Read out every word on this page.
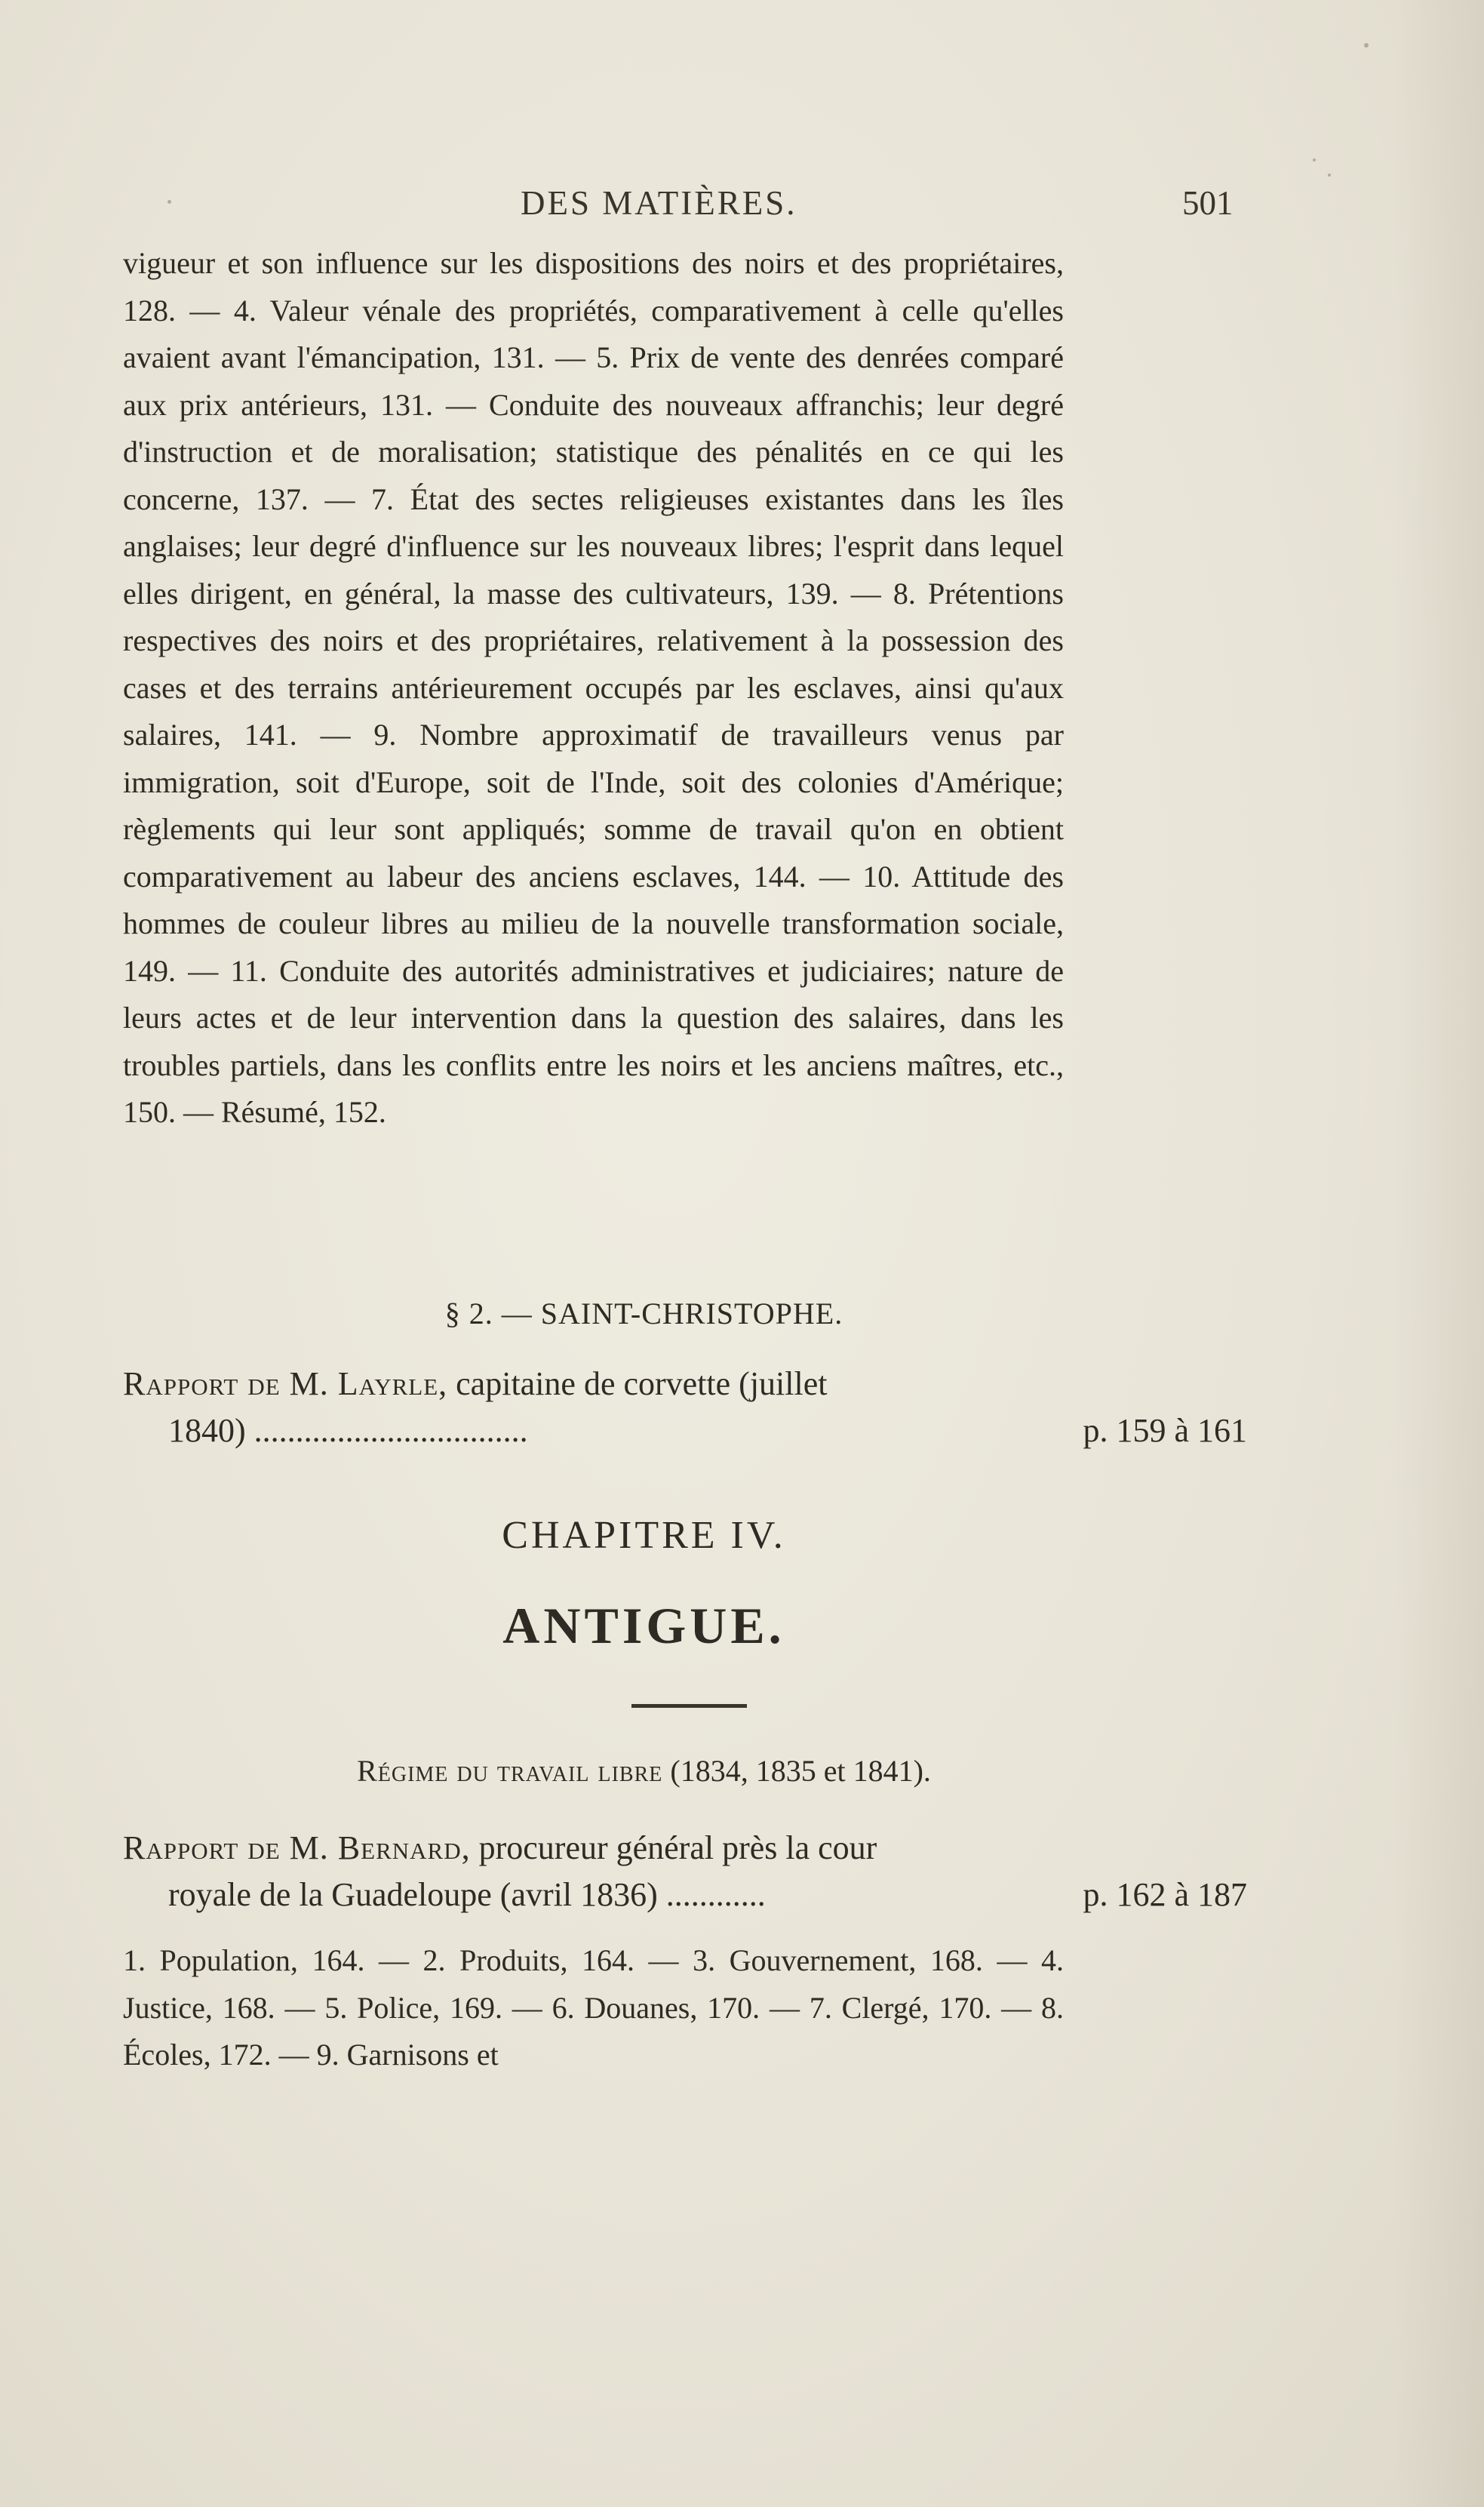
DES MATIÈRES.	501
vigueur et son influence sur les dispositions des noirs et des propriétaires, 128. — 4. Valeur vénale des propriétés, comparativement à celle qu'elles avaient avant l'émancipation, 131. — 5. Prix de vente des denrées comparé aux prix antérieurs, 131. — Conduite des nouveaux affranchis; leur degré d'instruction et de moralisation; statistique des pénalités en ce qui les concerne, 137. — 7. État des sectes religieuses existantes dans les îles anglaises; leur degré d'influence sur les nouveaux libres; l'esprit dans lequel elles dirigent, en général, la masse des cultivateurs, 139. — 8. Prétentions respectives des noirs et des propriétaires, relativement à la possession des cases et des terrains antérieurement occupés par les esclaves, ainsi qu'aux salaires, 141. — 9. Nombre approximatif de travailleurs venus par immigration, soit d'Europe, soit de l'Inde, soit des colonies d'Amérique; règlements qui leur sont appliqués; somme de travail qu'on en obtient comparativement au labeur des anciens esclaves, 144. — 10. Attitude des hommes de couleur libres au milieu de la nouvelle transformation sociale, 149. — 11. Conduite des autorités administratives et judiciaires; nature de leurs actes et de leur intervention dans la question des salaires, dans les troubles partiels, dans les conflits entre les noirs et les anciens maîtres, etc., 150. — Résumé, 152.
§ 2. — SAINT-CHRISTOPHE.
Rapport de M. Layrle, capitaine de corvette (juillet
1840) .................................	p. 159 à 161
CHAPITRE IV.
ANTIGUE.
Régime du travail libre (1834, 1835 et 1841).
Rapport de M. Bernard, procureur général près la cour
royale de la Guadeloupe (avril 1836) ............	p. 162 à 187
1. Population, 164. — 2. Produits, 164. — 3. Gouvernement, 168. — 4. Justice, 168. — 5. Police, 169. — 6. Douanes, 170. — 7. Clergé, 170. — 8. Écoles, 172. — 9. Garnisons et
